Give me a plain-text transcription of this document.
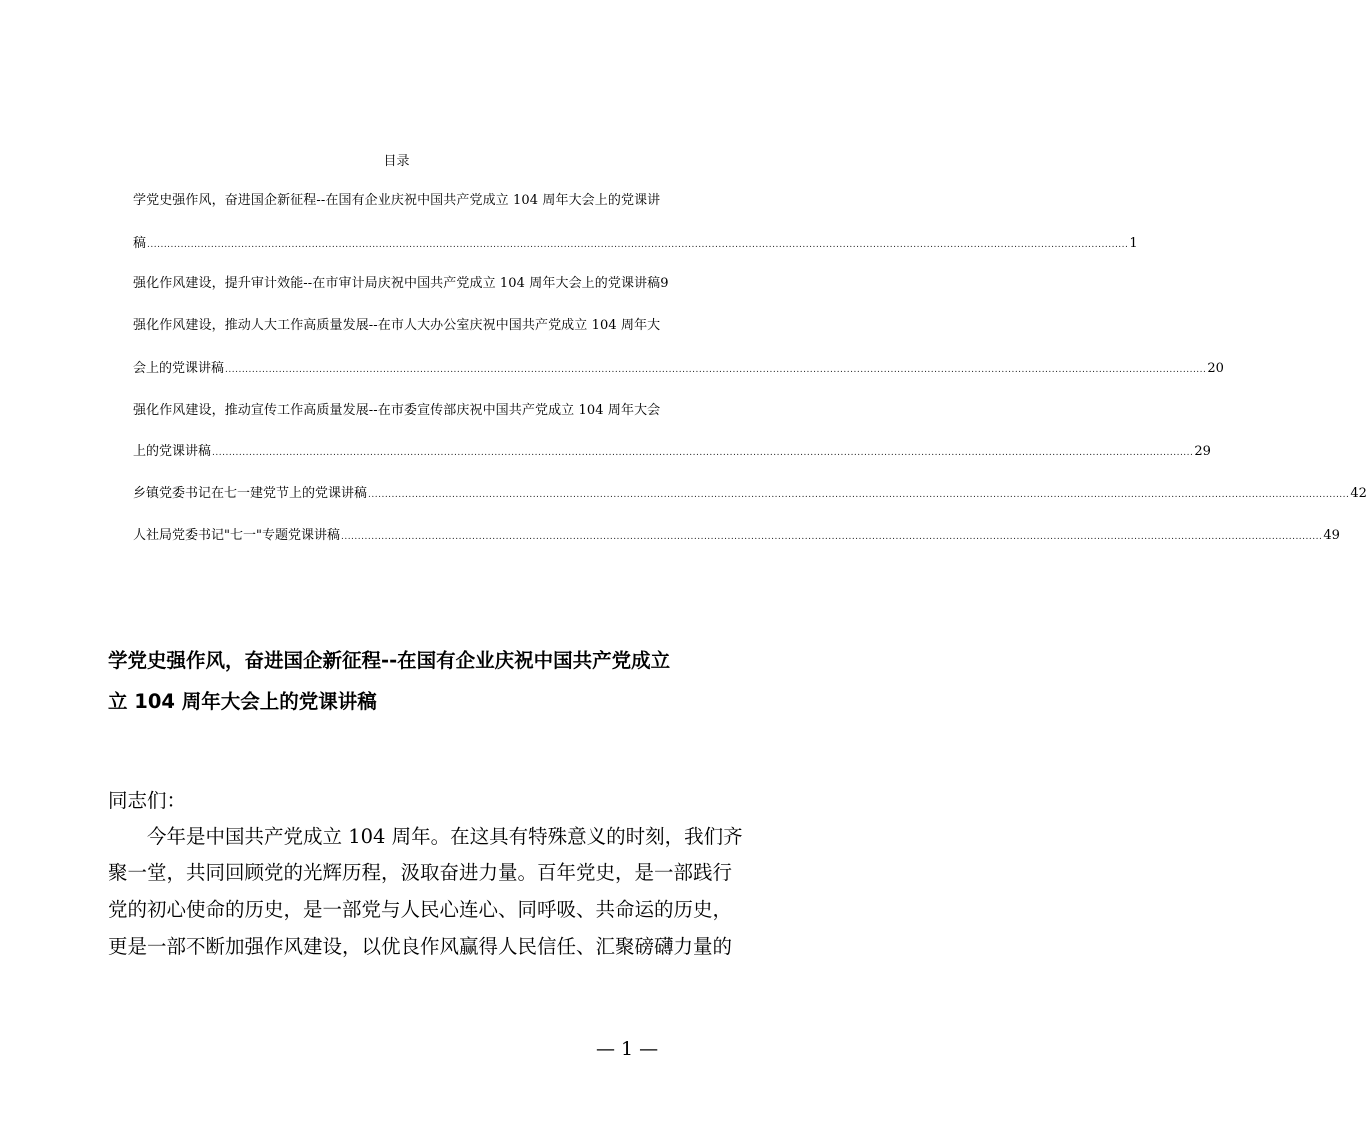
目录
学党史强作风，奋进国企新征程--在国有企业庆祝中国共产党成立 104 周年大会上的党课讲
稿 .................................................................................................................................................................................................................................................................................................... 1
强化作风建设，提升审计效能--在市审计局庆祝中国共产党成立 104 周年大会上的党课讲稿9
强化作风建设，推动人大工作高质量发展--在市人大办公室庆祝中国共产党成立 104 周年大
会上的党课讲稿 .................................................................................................................................................................................................................................................................................................... 20
强化作风建设，推动宣传工作高质量发展--在市委宣传部庆祝中国共产党成立 104 周年大会
上的党课讲稿 .................................................................................................................................................................................................................................................................................................... 29
乡镇党委书记在七一建党节上的党课讲稿 .................................................................................................................................................................................................................................................................................................... 42
人社局党委书记"七一"专题党课讲稿 .................................................................................................................................................................................................................................................................................................... 49
学党史强作风，奋进国企新征程--在国有企业庆祝中国共产党成立
立 104 周年大会上的党课讲稿
同志们：
　　今年是中国共产党成立 104 周年。在这具有特殊意义的时刻，我们齐
聚一堂，共同回顾党的光辉历程，汲取奋进力量。百年党史，是一部践行
党的初心使命的历史，是一部党与人民心连心、同呼吸、共命运的历史，
更是一部不断加强作风建设，以优良作风赢得人民信任、汇聚磅礴力量的
— 1 —
